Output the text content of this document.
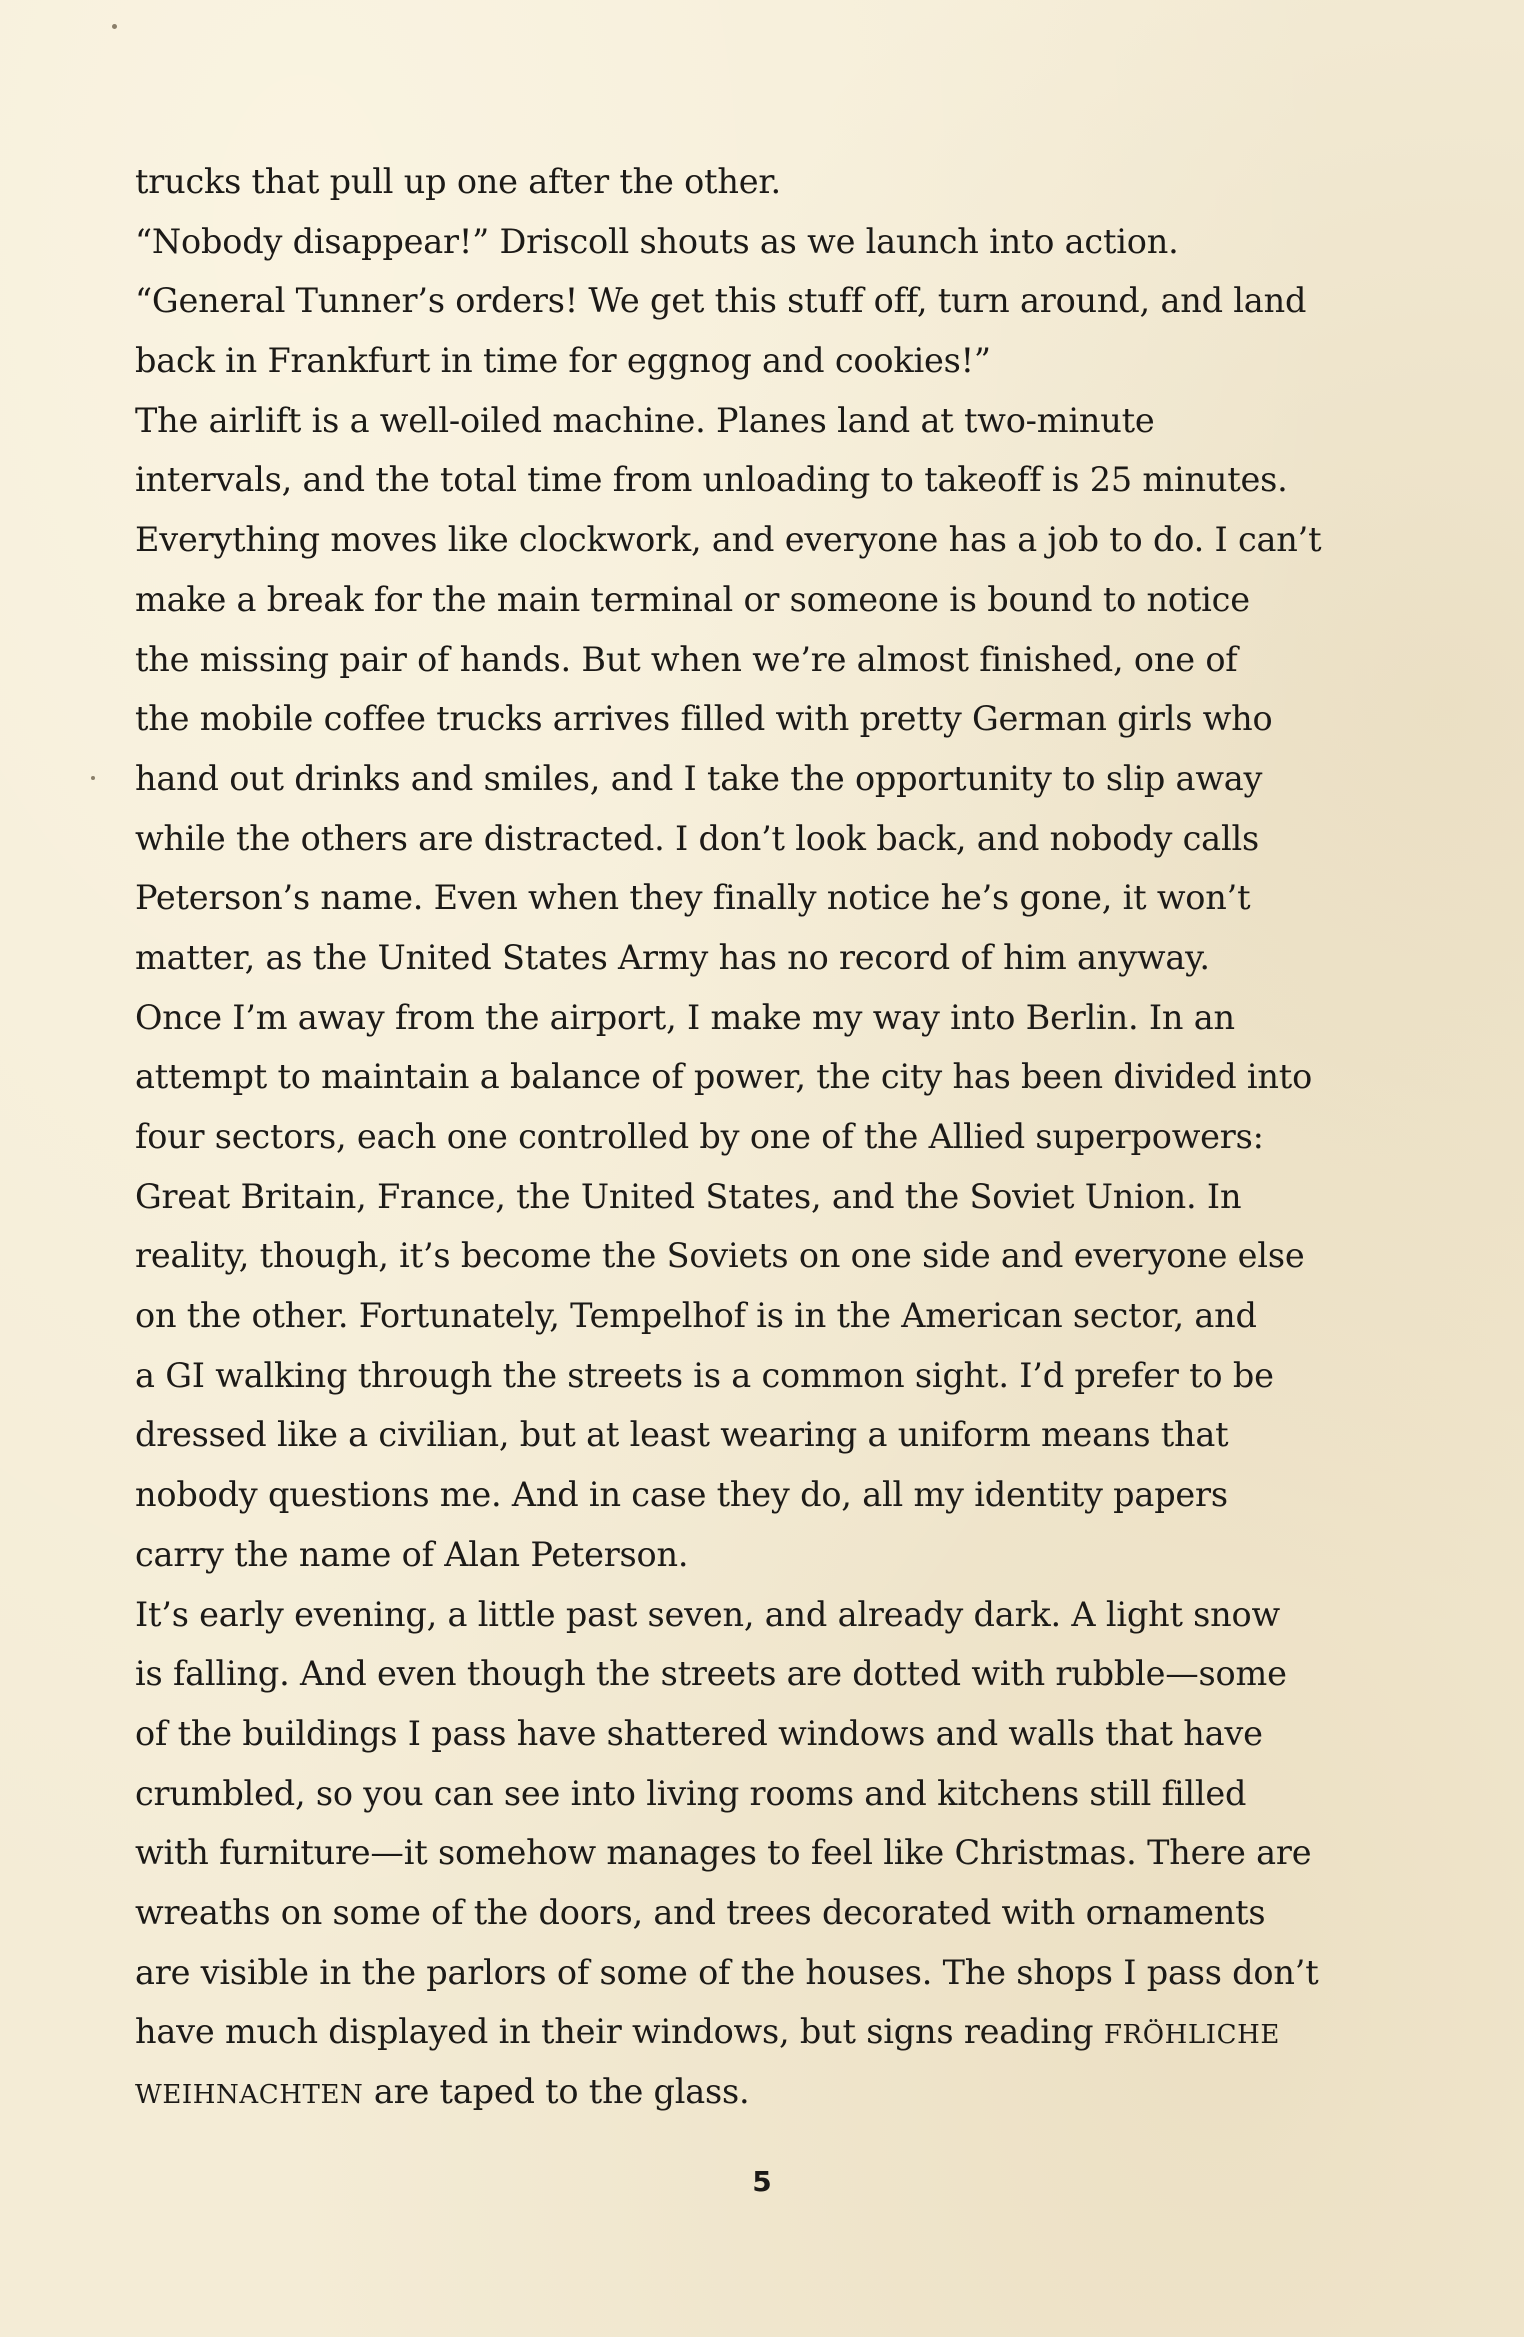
trucks that pull up one after the other.
“Nobody disappear!” Driscoll shouts as we launch into action.
“General Tunner’s orders! We get this stuff off, turn around, and land
back in Frankfurt in time for eggnog and cookies!”
The airlift is a well-oiled machine. Planes land at two-minute
intervals, and the total time from unloading to takeoff is 25 minutes.
Everything moves like clockwork, and everyone has a job to do. I can’t
make a break for the main terminal or someone is bound to notice
the missing pair of hands. But when we’re almost finished, one of
the mobile coffee trucks arrives filled with pretty German girls who
hand out drinks and smiles, and I take the opportunity to slip away
while the others are distracted. I don’t look back, and nobody calls
Peterson’s name. Even when they finally notice he’s gone, it won’t
matter, as the United States Army has no record of him anyway.
Once I’m away from the airport, I make my way into Berlin. In an
attempt to maintain a balance of power, the city has been divided into
four sectors, each one controlled by one of the Allied superpowers:
Great Britain, France, the United States, and the Soviet Union. In
reality, though, it’s become the Soviets on one side and everyone else
on the other. Fortunately, Tempelhof is in the American sector, and
a GI walking through the streets is a common sight. I’d prefer to be
dressed like a civilian, but at least wearing a uniform means that
nobody questions me. And in case they do, all my identity papers
carry the name of Alan Peterson.
It’s early evening, a little past seven, and already dark. A light snow
is falling. And even though the streets are dotted with rubble—some
of the buildings I pass have shattered windows and walls that have
crumbled, so you can see into living rooms and kitchens still filled
with furniture—it somehow manages to feel like Christmas. There are
wreaths on some of the doors, and trees decorated with ornaments
are visible in the parlors of some of the houses. The shops I pass don’t
have much displayed in their windows, but signs reading FRÖHLICHE
WEIHNACHTEN are taped to the glass.
5
